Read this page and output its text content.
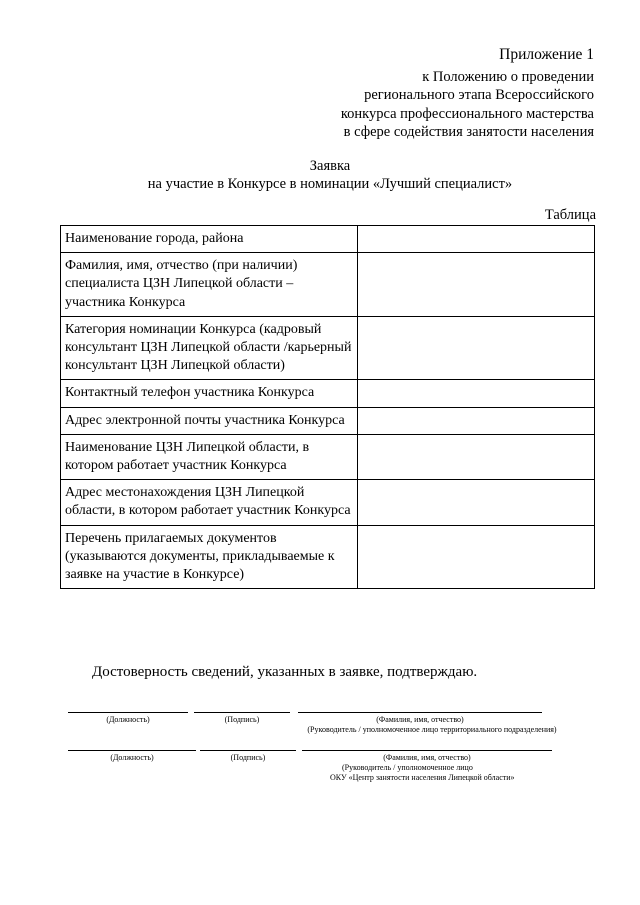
Приложение 1
к Положению о проведении
регионального этапа Всероссийского
конкурса профессионального мастерства
в сфере содействия занятости населения
Заявка
на участие в Конкурсе в номинации «Лучший специалист»
Таблица
Наименование города, района	
Фамилия, имя, отчество (при наличии) специалиста ЦЗН Липецкой области – участника Конкурса	
Категория номинации Конкурса (кадровый консультант ЦЗН Липецкой области /карьерный консультант ЦЗН Липецкой области)	
Контактный телефон участника Конкурса	
Адрес электронной почты участника Конкурса	
Наименование ЦЗН Липецкой области, в котором работает участник Конкурса	
Адрес местонахождения ЦЗН Липецкой области, в котором работает участник Конкурса	
Перечень прилагаемых документов (указываются документы, прикладываемые к заявке на участие в Конкурсе)	
Достоверность сведений, указанных в заявке, подтверждаю.
(Должность)	(Подпись)	(Фамилия, имя, отчество)
(Руководитель / уполномоченное лицо территориального подразделения)
(Должность)	(Подпись)	(Фамилия, имя, отчество)
(Руководитель / уполномоченное лицо
ОКУ «Центр занятости населения Липецкой области»
